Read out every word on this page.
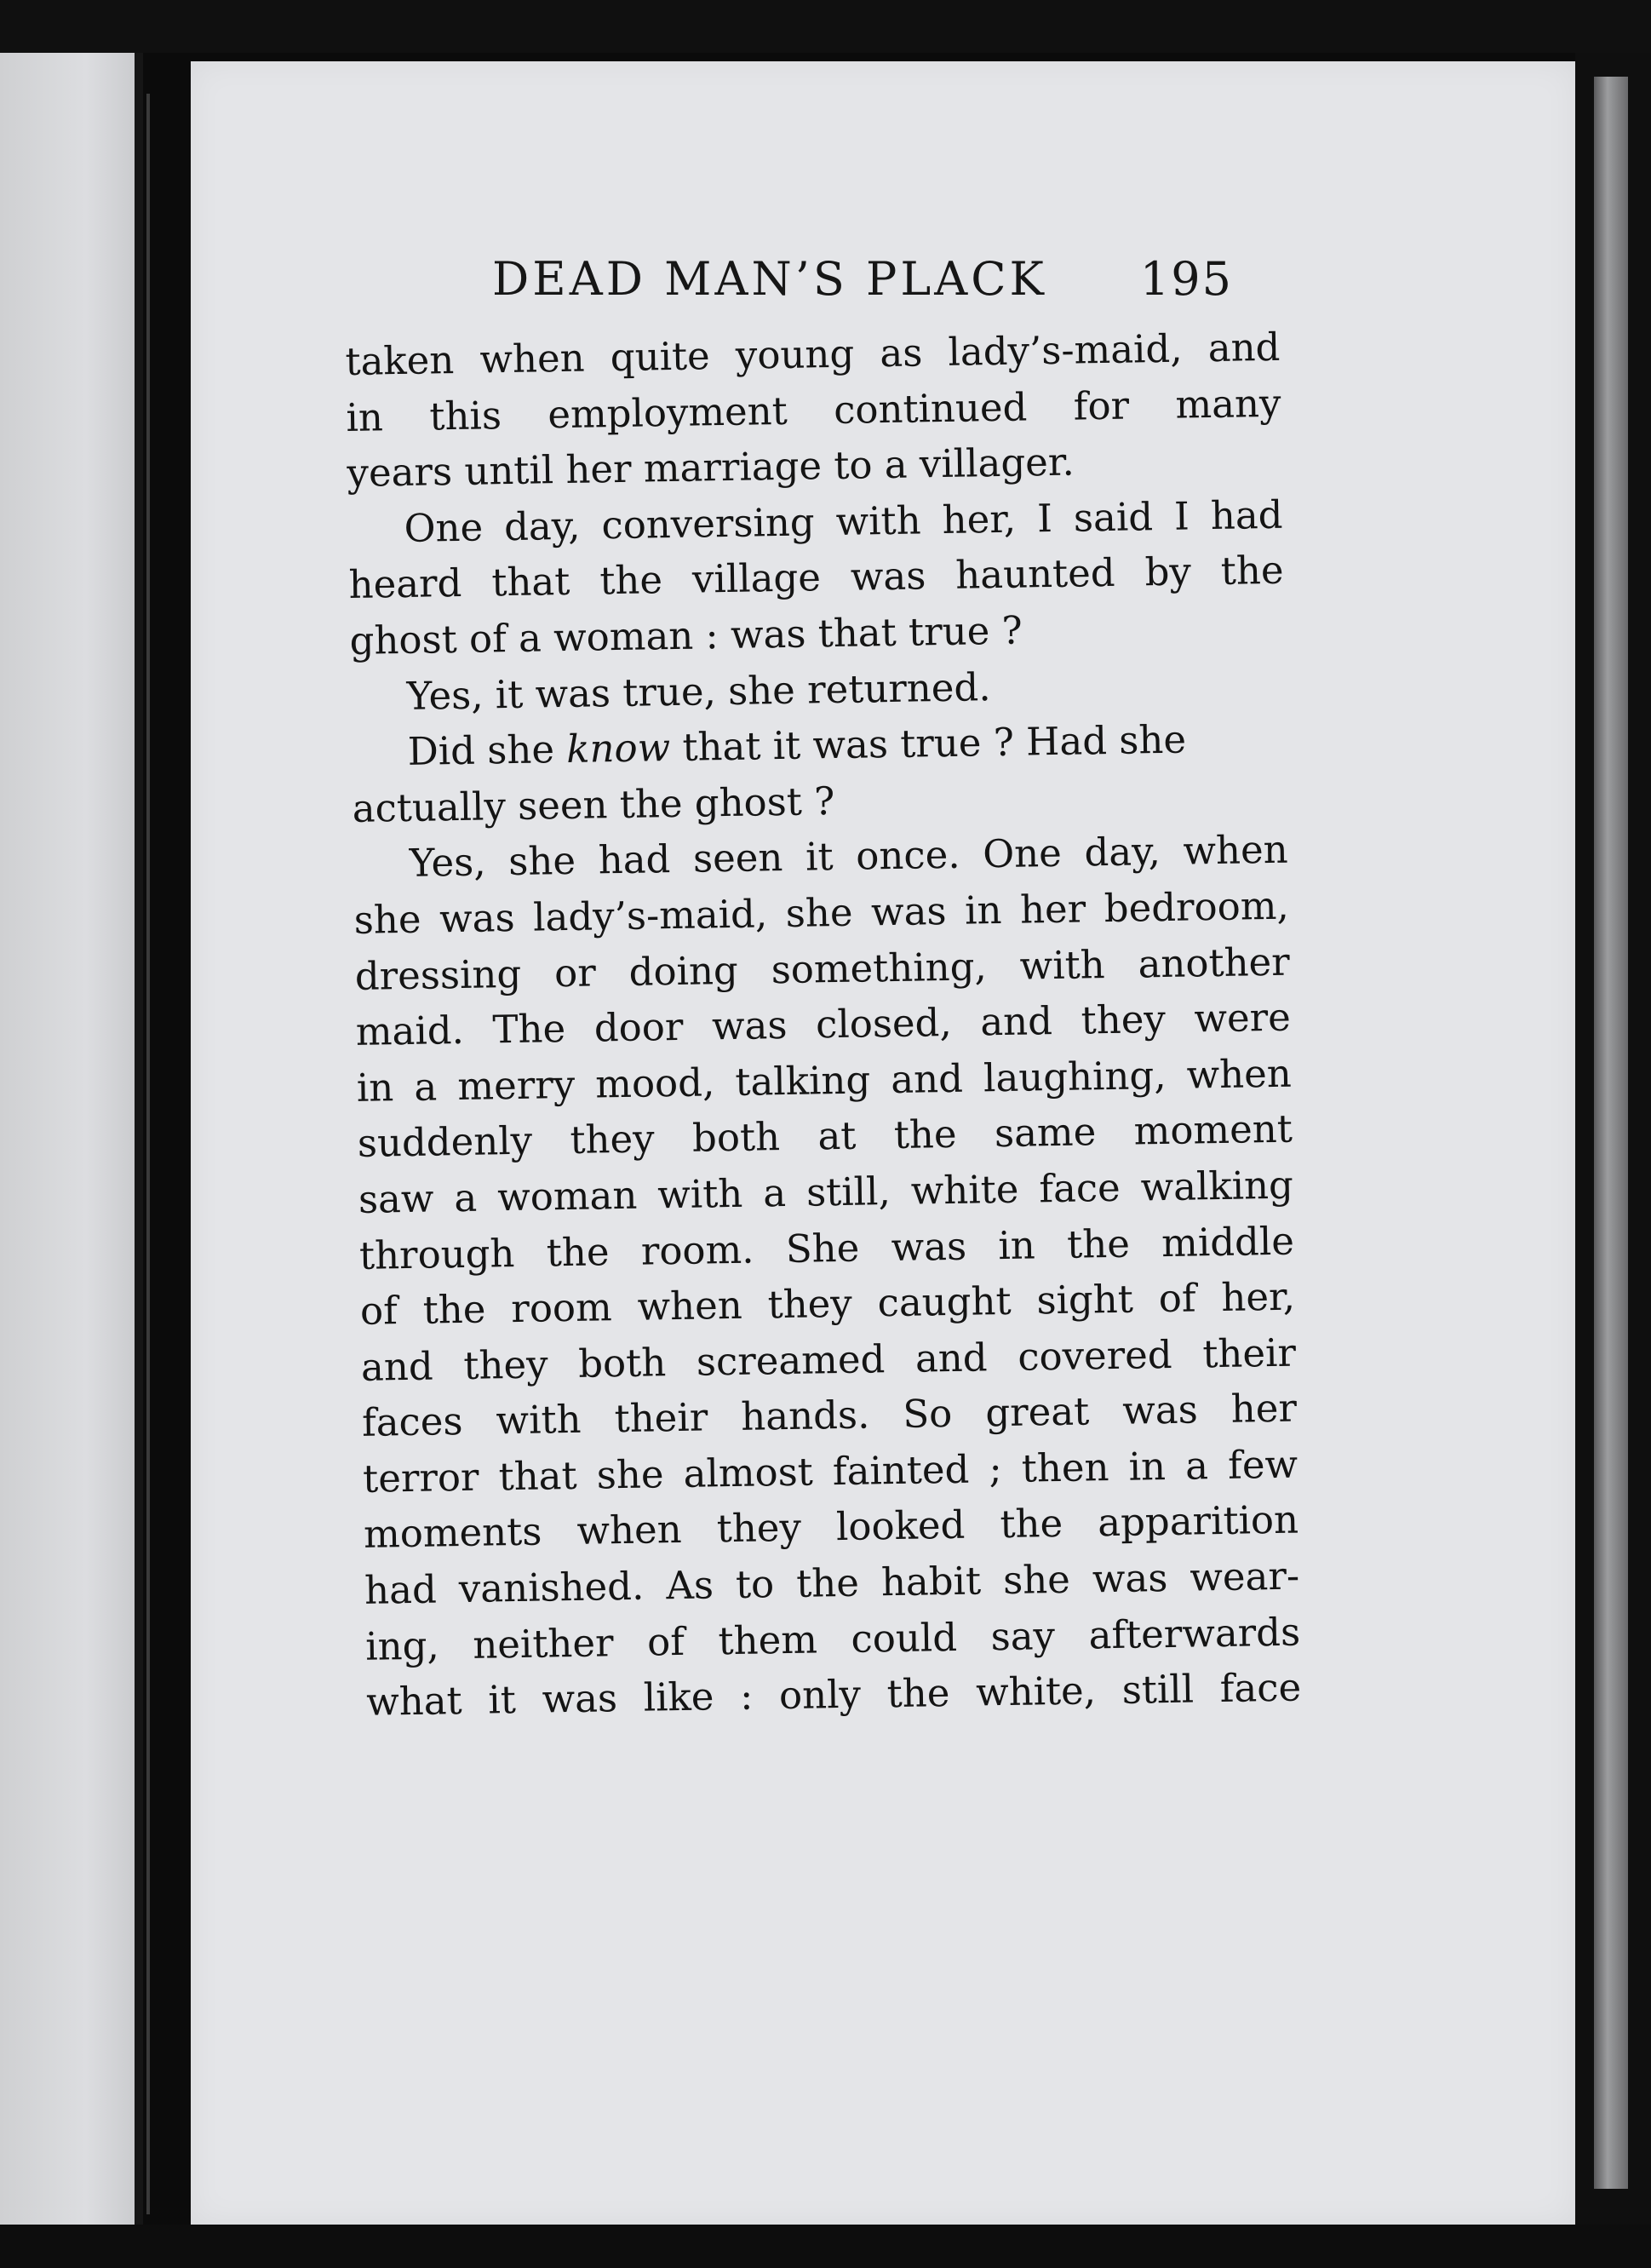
DEAD MAN’S PLACK 195
taken when quite young as lady’s-maid, and
in this employment continued for many
years until her marriage to a villager.
One day, conversing with her, I said I had
heard that the village was haunted by the
ghost of a woman : was that true ?
Yes, it was true, she returned.
Did she know that it was true ? Had she
actually seen the ghost ?
Yes, she had seen it once. One day, when
she was lady’s-maid, she was in her bedroom,
dressing or doing something, with another
maid. The door was closed, and they were
in a merry mood, talking and laughing, when
suddenly they both at the same moment
saw a woman with a still, white face walking
through the room. She was in the middle
of the room when they caught sight of her,
and they both screamed and covered their
faces with their hands. So great was her
terror that she almost fainted ; then in a few
moments when they looked the apparition
had vanished. As to the habit she was wear-
ing, neither of them could say afterwards
what it was like : only the white, still face
